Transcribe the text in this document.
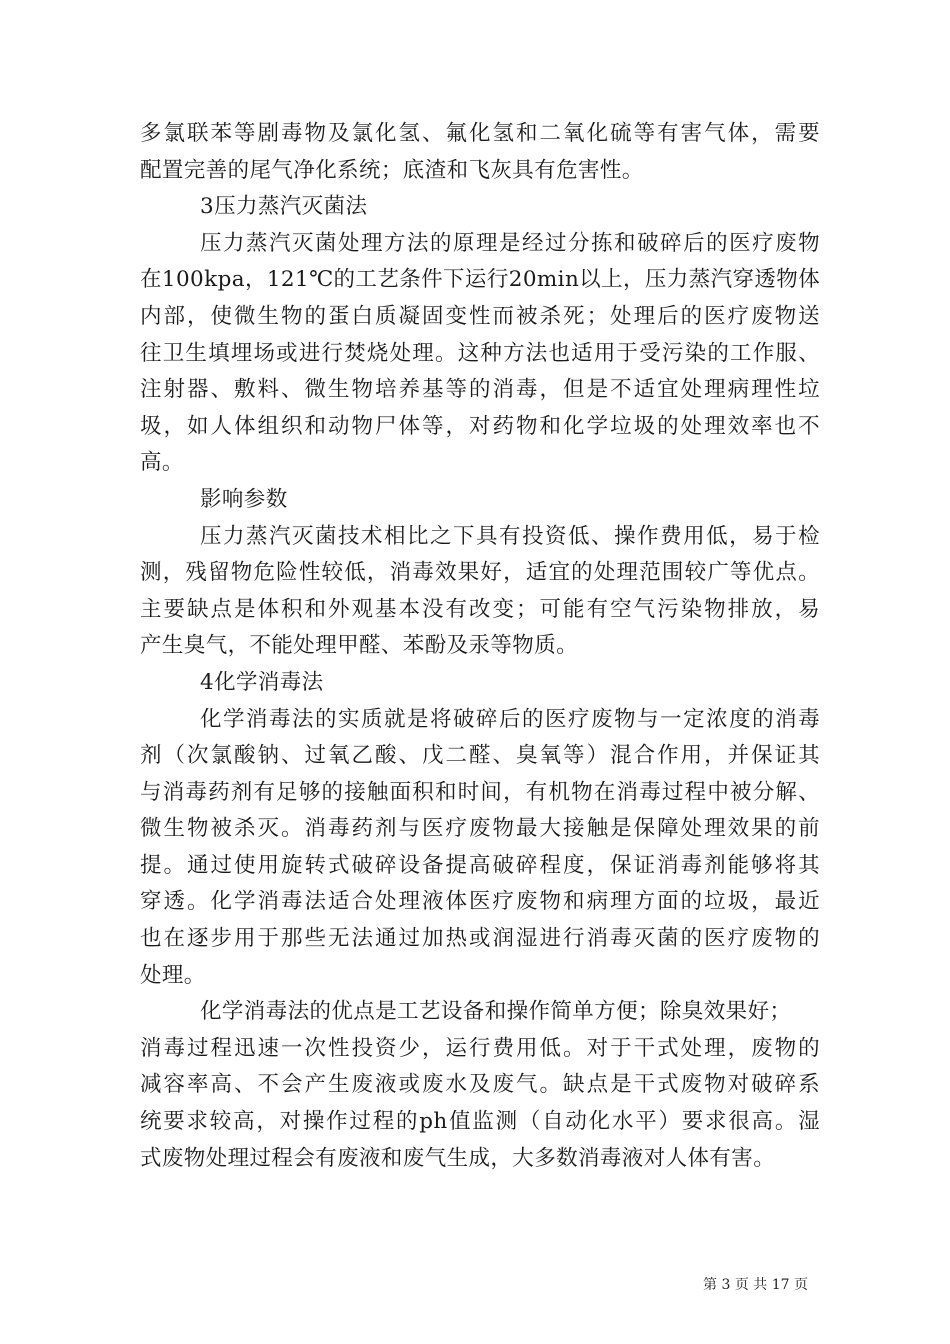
多氯联苯等剧毒物及氯化氢、氟化氢和二氧化硫等有害气体，需要
配置完善的尾气净化系统；底渣和飞灰具有危害性。
3压力蒸汽灭菌法
压力蒸汽灭菌处理方法的原理是经过分拣和破碎后的医疗废物
在100kpa，121℃的工艺条件下运行20min以上，压力蒸汽穿透物体
内部，使微生物的蛋白质凝固变性而被杀死；处理后的医疗废物送
往卫生填埋场或进行焚烧处理。这种方法也适用于受污染的工作服、
注射器、敷料、微生物培养基等的消毒，但是不适宜处理病理性垃
圾，如人体组织和动物尸体等，对药物和化学垃圾的处理效率也不
高。
影响参数
压力蒸汽灭菌技术相比之下具有投资低、操作费用低，易于检
测，残留物危险性较低，消毒效果好，适宜的处理范围较广等优点。
主要缺点是体积和外观基本没有改变；可能有空气污染物排放，易
产生臭气，不能处理甲醛、苯酚及汞等物质。
4化学消毒法
化学消毒法的实质就是将破碎后的医疗废物与一定浓度的消毒
剂（次氯酸钠、过氧乙酸、戊二醛、臭氧等）混合作用，并保证其
与消毒药剂有足够的接触面积和时间，有机物在消毒过程中被分解、
微生物被杀灭。消毒药剂与医疗废物最大接触是保障处理效果的前
提。通过使用旋转式破碎设备提高破碎程度，保证消毒剂能够将其
穿透。化学消毒法适合处理液体医疗废物和病理方面的垃圾，最近
也在逐步用于那些无法通过加热或润湿进行消毒灭菌的医疗废物的
处理。
化学消毒法的优点是工艺设备和操作简单方便；除臭效果好；
消毒过程迅速一次性投资少，运行费用低。对于干式处理，废物的
减容率高、不会产生废液或废水及废气。缺点是干式废物对破碎系
统要求较高，对操作过程的ph值监测（自动化水平）要求很高。湿
式废物处理过程会有废液和废气生成，大多数消毒液对人体有害。
第 3 页 共 17 页
